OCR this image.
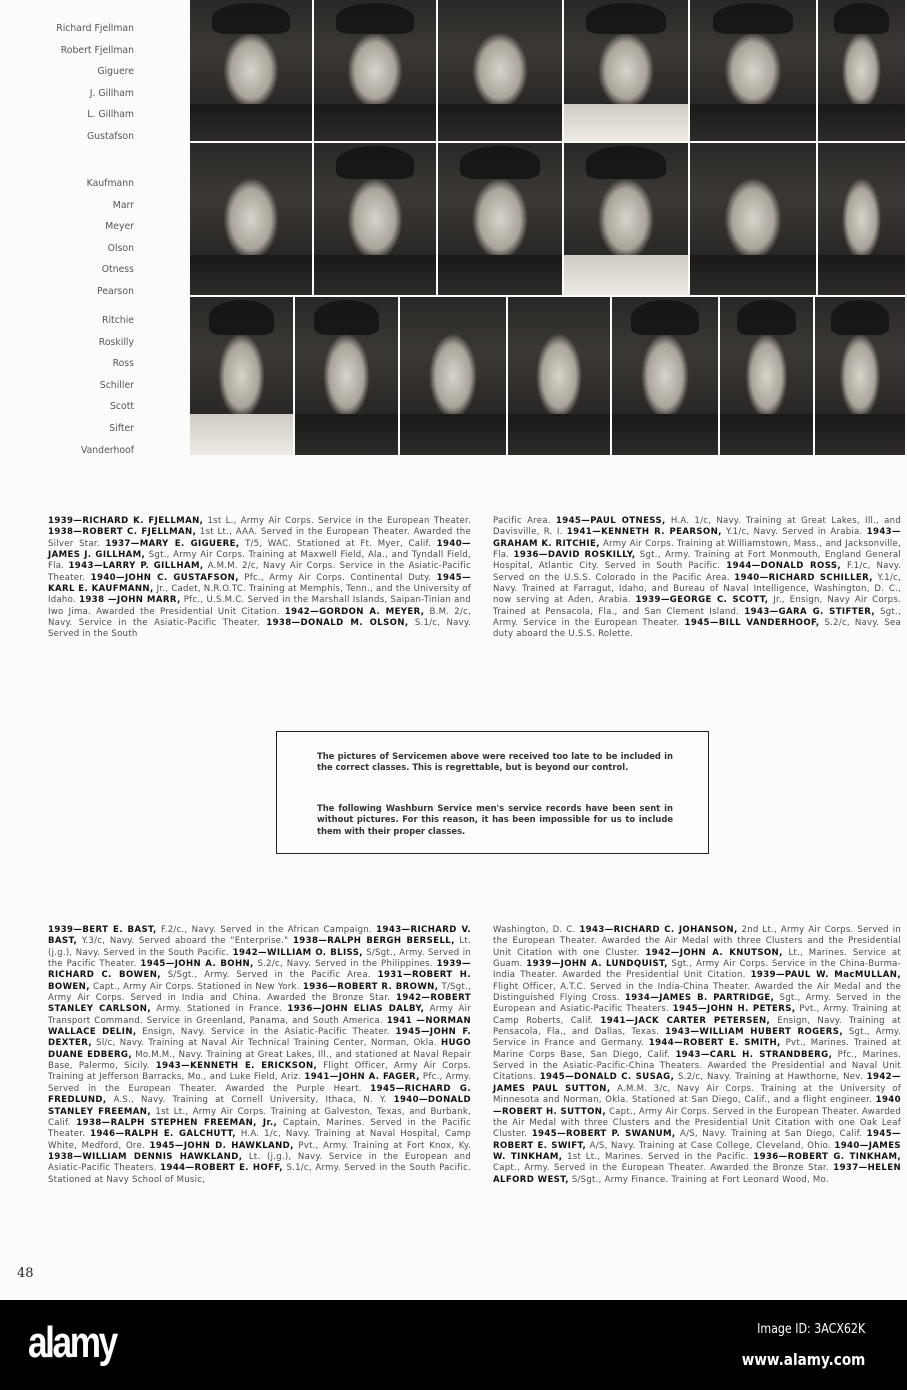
Richard Fjellman
Robert Fjellman
Giguere
J. Gillham
L. Gillham
Gustafson
Kaufmann
Marr
Meyer
Olson
Otness
Pearson
Ritchie
Roskilly
Ross
Schiller
Scott
Sifter
Vanderhoof
1939—RICHARD K. FJELLMAN, 1st L., Army Air Corps. Service in the European Theater. 1938—ROBERT C. FJELLMAN, 1st Lt., AAA. Served in the European Theater. Awarded the Silver Star. 1937—MARY E. GIGUERE, T/5, WAC. Stationed at Ft. Myer, Calif. 1940—JAMES J. GILLHAM, Sgt., Army Air Corps. Training at Maxwell Field, Ala., and Tyndall Field, Fla. 1943—LARRY P. GILLHAM, A.M.M. 2/c, Navy Air Corps. Service in the Asiatic-Pacific Theater. 1940—JOHN C. GUSTAFSON, Pfc., Army Air Corps. Continental Duty. 1945—KARL E. KAUFMANN, Jr., Cadet, N.R.O.TC. Training at Memphis, Tenn., and the University of Idaho. 1938 —JOHN MARR, Pfc., U.S.M.C. Served in the Marshall Islands, Saipan-Tinian and Iwo Jima. Awarded the Presidential Unit Citation. 1942—GORDON A. MEYER, B.M. 2/c, Navy. Service in the Asiatic-Pacific Theater. 1938—DONALD M. OLSON, S.1/c, Navy. Served in the South
Pacific Area. 1945—PAUL OTNESS, H.A. 1/c, Navy. Training at Great Lakes, Ill., and Davisville, R. I. 1941—KENNETH R. PEARSON, Y.1/c, Navy. Served in Arabia. 1943—GRAHAM K. RITCHIE, Army Air Corps. Training at Williamstown, Mass., and Jacksonville, Fla. 1936—DAVID ROSKILLY, Sgt., Army. Training at Fort Monmouth, England General Hospital, Atlantic City. Served in South Pacific. 1944—DONALD ROSS, F.1/c, Navy. Served on the U.S.S. Colorado in the Pacific Area. 1940—RICHARD SCHILLER, Y.1/c, Navy. Trained at Farragut, Idaho, and Bureau of Naval Intelligence, Washington, D. C., now serving at Aden, Arabia. 1939—GEORGE C. SCOTT, Jr., Ensign, Navy Air Corps. Trained at Pensacola, Fla., and San Clement Island. 1943—GARA G. STIFTER, Sgt., Army. Service in the European Theater. 1945—BILL VANDERHOOF, S.2/c, Navy. Sea duty aboard the U.S.S. Rolette.

The pictures of Servicemen above were received too late to be included in the correct classes. This is regrettable, but is beyond our control.

The following Washburn Service men's service records have been sent in without pictures. For this reason, it has been impossible for us to include them with their proper classes.

1939—BERT E. BAST, F.2/c., Navy. Served in the African Campaign. 1943—RICHARD V. BAST, Y.3/c, Navy. Served aboard the "Enterprise." 1938—RALPH BERGH BERSELL, Lt. (j.g.), Navy. Served in the South Pacific. 1942—WILLIAM O. BLISS, S/Sgt., Army. Served in the Pacific Theater. 1945—JOHN A. BOHN, S.2/c, Navy. Served in the Philippines. 1939—RICHARD C. BOWEN, S/Sgt., Army. Served in the Pacific Area. 1931—ROBERT H. BOWEN, Capt., Army Air Corps. Stationed in New York. 1936—ROBERT R. BROWN, T/Sgt., Army Air Corps. Served in India and China. Awarded the Bronze Star. 1942—ROBERT STANLEY CARLSON, Army. Stationed in France. 1936—JOHN ELIAS DALBY, Army Air Transport Command. Service in Greenland, Panama, and South America. 1941 —NORMAN WALLACE DELIN, Ensign, Navy. Service in the Asiatic-Pacific Theater. 1945—JOHN F. DEXTER, Sl/c, Navy. Training at Naval Air Technical Training Center, Norman, Okla. HUGO DUANE EDBERG, Mo.M.M., Navy. Training at Great Lakes, Ill., and stationed at Naval Repair Base, Palermo, Sicily. 1943—KENNETH E. ERICKSON, Flight Officer, Army Air Corps. Training at Jefferson Barracks, Mo., and Luke Field, Ariz. 1941—JOHN A. FAGER, Pfc., Army. Served in the European Theater. Awarded the Purple Heart. 1945—RICHARD G. FREDLUND, A.S., Navy. Training at Cornell University, Ithaca, N. Y. 1940—DONALD STANLEY FREEMAN, 1st Lt., Army Air Corps. Training at Galveston, Texas, and Burbank, Calif. 1938—RALPH STEPHEN FREEMAN, Jr., Captain, Marines. Served in the Pacific Theater. 1946—RALPH E. GALCHUTT, H.A. 1/c, Navy. Training at Naval Hospital, Camp White, Medford, Ore. 1945—JOHN D. HAWKLAND, Pvt., Army. Training at Fort Knox, Ky. 1938—WILLIAM DENNIS HAWKLAND, Lt. (j.g.), Navy. Service in the European and Asiatic-Pacific Theaters. 1944—ROBERT E. HOFF, S.1/c, Army. Served in the South Pacific. Stationed at Navy School of Music,
Washington, D. C. 1943—RICHARD C. JOHANSON, 2nd Lt., Army Air Corps. Served in the European Theater. Awarded the Air Medal with three Clusters and the Presidential Unit Citation with one Cluster. 1942—JOHN A. KNUTSON, Lt., Marines. Service at Guam. 1939—JOHN A. LUNDQUIST, Sgt., Army Air Corps. Service in the China-Burma-India Theater. Awarded the Presidential Unit Citation. 1939—PAUL W. MacMULLAN, Flight Officer, A.T.C. Served in the India-China Theater. Awarded the Air Medal and the Distinguished Flying Cross. 1934—JAMES B. PARTRIDGE, Sgt., Army. Served in the European and Asiatic-Pacific Theaters. 1945—JOHN H. PETERS, Pvt., Army. Training at Camp Roberts, Calif. 1941—JACK CARTER PETERSEN, Ensign, Navy. Training at Pensacola, Fla., and Dallas, Texas. 1943—WILLIAM HUBERT ROGERS, Sgt., Army. Service in France and Germany. 1944—ROBERT E. SMITH, Pvt., Marines. Trained at Marine Corps Base, San Diego, Calif. 1943—CARL H. STRANDBERG, Pfc., Marines. Served in the Asiatic-Pacific-China Theaters. Awarded the Presidential and Naval Unit Citations. 1945—DONALD C. SUSAG, S.2/c, Navy. Training at Hawthorne, Nev. 1942—JAMES PAUL SUTTON, A.M.M. 3/c, Navy Air Corps. Training at the University of Minnesota and Norman, Okla. Stationed at San Diego, Calif., and a flight engineer. 1940—ROBERT H. SUTTON, Capt., Army Air Corps. Served in the European Theater. Awarded the Air Medal with three Clusters and the Presidential Unit Citation with one Oak Leaf Cluster. 1945—ROBERT P. SWANUM, A/S, Navy. Training at San Diego, Calif. 1945—ROBERT E. SWIFT, A/S, Navy. Training at Case College, Cleveland, Ohio. 1940—JAMES W. TINKHAM, 1st Lt., Marines. Served in the Pacific. 1936—ROBERT G. TINKHAM, Capt., Army. Served in the European Theater. Awarded the Bronze Star. 1937—HELEN ALFORD WEST, S/Sgt., Army Finance. Training at Fort Leonard Wood, Mo.
48
alamy	Image ID: 3ACX62K
www.alamy.com
